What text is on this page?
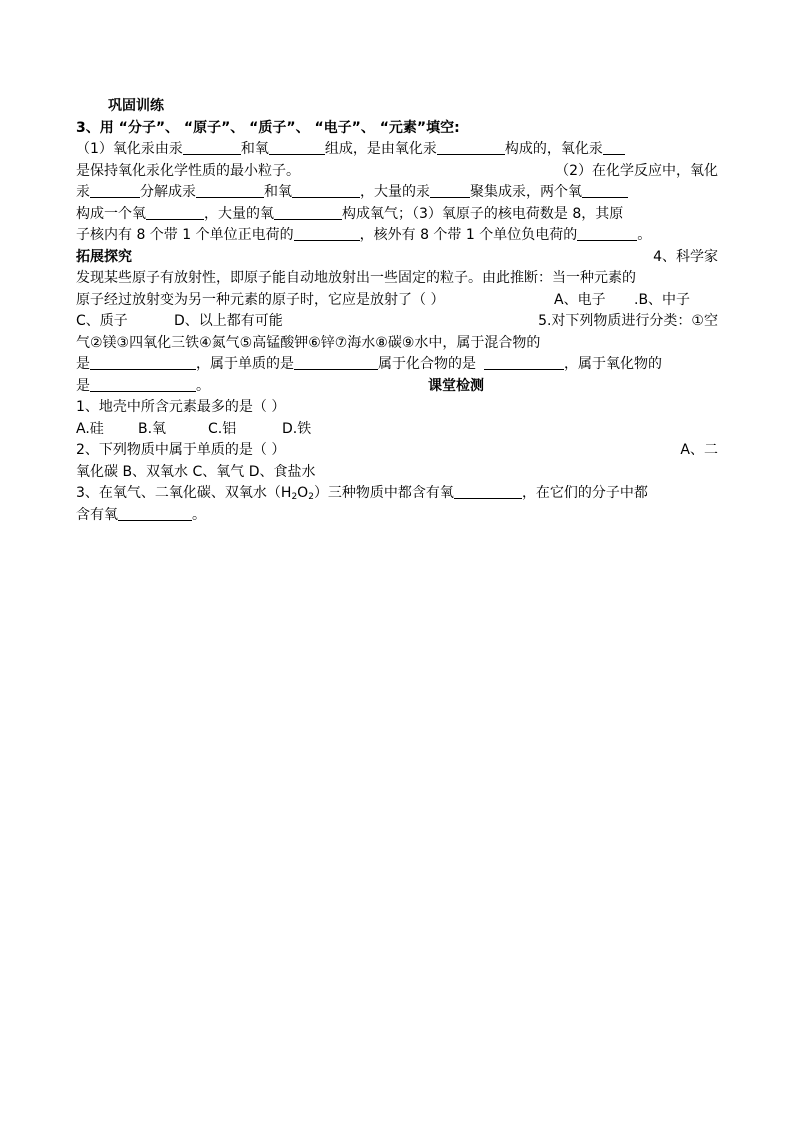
巩固训练
3、用 “分子”、 “原子”、 “质子”、 “电子”、 “元素”填空:
（1）氧化汞由汞	和氧	组成，是由氧化汞	构成的，氧化汞
是保持氧化汞化学性质的最小粒子。	（2）在化学反应中，氧化
汞	分解成汞	和氧	，大量的汞	聚集成汞，两个氧
构成一个氧	，大量的氧	构成氧气；（3）氧原子的核电荷数是 8，其原
子核内有 8 个带 1 个单位正电荷的	，核外有 8 个带 1 个单位负电荷的	。
拓展探究	4、科学家
发现某些原子有放射性，即原子能自动地放射出一些固定的粒子。由此推断：当一种元素的
原子经过放射变为另一种元素的原子时，它应是放射了（ ）	A、电子 .B、中子
C、质子	D、以上都有可能	5.对下列物质进行分类：①空
气②镁③四氧化三铁④氮气⑤高锰酸钾⑥锌⑦海水⑧碳⑨水中，属于混合物的
是	，属于单质的是	属于化合物的是	，属于氧化物的
是	。	课堂检测
1、地壳中所含元素最多的是（ ）
A.硅 B.氧	C.铝	D.铁
2、下列物质中属于单质的是（ ）	A、二
氧化碳 B、双氧水 C、氧气 D、食盐水
3、在氧气、二氧化碳、双氧水$(H_2O_2)$三种物质中都含有氧	，在它们的分子中都
含有氧	。
